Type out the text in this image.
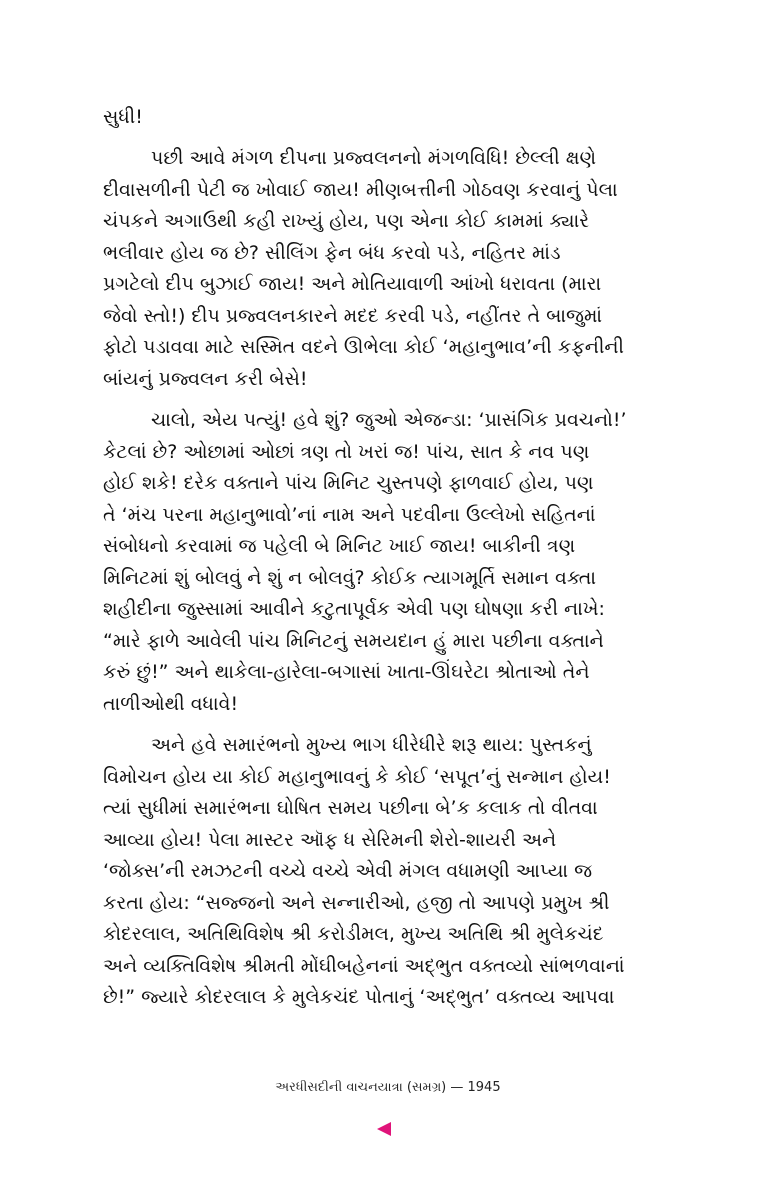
સુધી!
પછી આવે મંગળ દીપના પ્રજ્વલનનો મંગળવિધિ! છેલ્લી ક્ષણે
દીવાસળીની પેટી જ ખોવાઈ જાય! મીણબત્તીની ગોઠવણ કરવાનું પેલા
ચંપકને અગાઉથી કહી રાખ્યું હોય, પણ એના કોઈ કામમાં ક્યારે
ભલીવાર હોય જ છે? સીલિંગ ફેન બંધ કરવો પડે, નહિતર માંડ
પ્રગટેલો દીપ બુઝાઈ જાય! અને મોતિયાવાળી આંખો ધરાવતા (મારા
જેવો સ્તો!) દીપ પ્રજ્વલનકારને મદદ કરવી પડે, નહીંતર તે બાજુમાં
ફોટો પડાવવા માટે સસ્મિત વદને ઊભેલા કોઈ ‘મહાનુભાવ’ની કફનીની
બાંયનું પ્રજ્વલન કરી બેસે!
ચાલો, એય પત્યું! હવે શું? જુઓ એજન્ડા: ‘પ્રાસંગિક પ્રવચનો!’
કેટલાં છે? ઓછામાં ઓછાં ત્રણ તો ખરાં જ! પાંચ, સાત કે નવ પણ
હોઈ શકે! દરેક વક્તાને પાંચ મિનિટ ચુસ્તપણે ફાળવાઈ હોય, પણ
તે ‘મંચ પરના મહાનુભાવો’નાં નામ અને પદવીના ઉલ્લેખો સહિતનાં
સંબોધનો કરવામાં જ પહેલી બે મિનિટ ખાઈ જાય! બાકીની ત્રણ
મિનિટમાં શું બોલવું ને શું ન બોલવું? કોઈક ત્યાગમૂર્તિ સમાન વક્તા
શહીદીના જુસ્સામાં આવીને કટુતાપૂર્વક એવી પણ ઘોષણા કરી નાખે:
“મારે ફાળે આવેલી પાંચ મિનિટનું સમયદાન હું મારા પછીના વક્તાને
કરું છું!” અને થાકેલા-હારેલા-બગાસાં ખાતા-ઊંઘરેટા શ્રોતાઓ તેને
તાળીઓથી વધાવે!
અને હવે સમારંભનો મુખ્ય ભાગ ધીરેધીરે શરૂ થાય: પુસ્તકનું
વિમોચન હોય યા કોઈ મહાનુભાવનું કે કોઈ ‘સપૂત’નું સન્માન હોય!
ત્યાં સુધીમાં સમારંભના ઘોષિત સમય પછીના બે’ક કલાક તો વીતવા
આવ્યા હોય! પેલા માસ્ટર ઑફ ધ સેરિમની શેરો-શાયરી અને
‘જોક્સ’ની રમઝટની વચ્ચે વચ્ચે એવી મંગલ વધામણી આપ્યા જ
કરતા હોય: “સજ્જનો અને સન્નારીઓ, હજી તો આપણે પ્રમુખ શ્રી
કોદરલાલ, અતિથિવિશેષ શ્રી કરોડીમલ, મુખ્ય અતિથિ શ્રી મુલેકચંદ
અને વ્યક્તિવિશેષ શ્રીમતી મોંઘીબહેનનાં અદ્‌ભુત વક્તવ્યો સાંભળવાનાં
છે!” જ્યારે કોદરલાલ કે મુલેકચંદ પોતાનું ‘અદ્‌ભુત’ વક્તવ્ય આપવા
અરધીસદીની વાચનયાત્રા (સમગ્ર) — 1945
